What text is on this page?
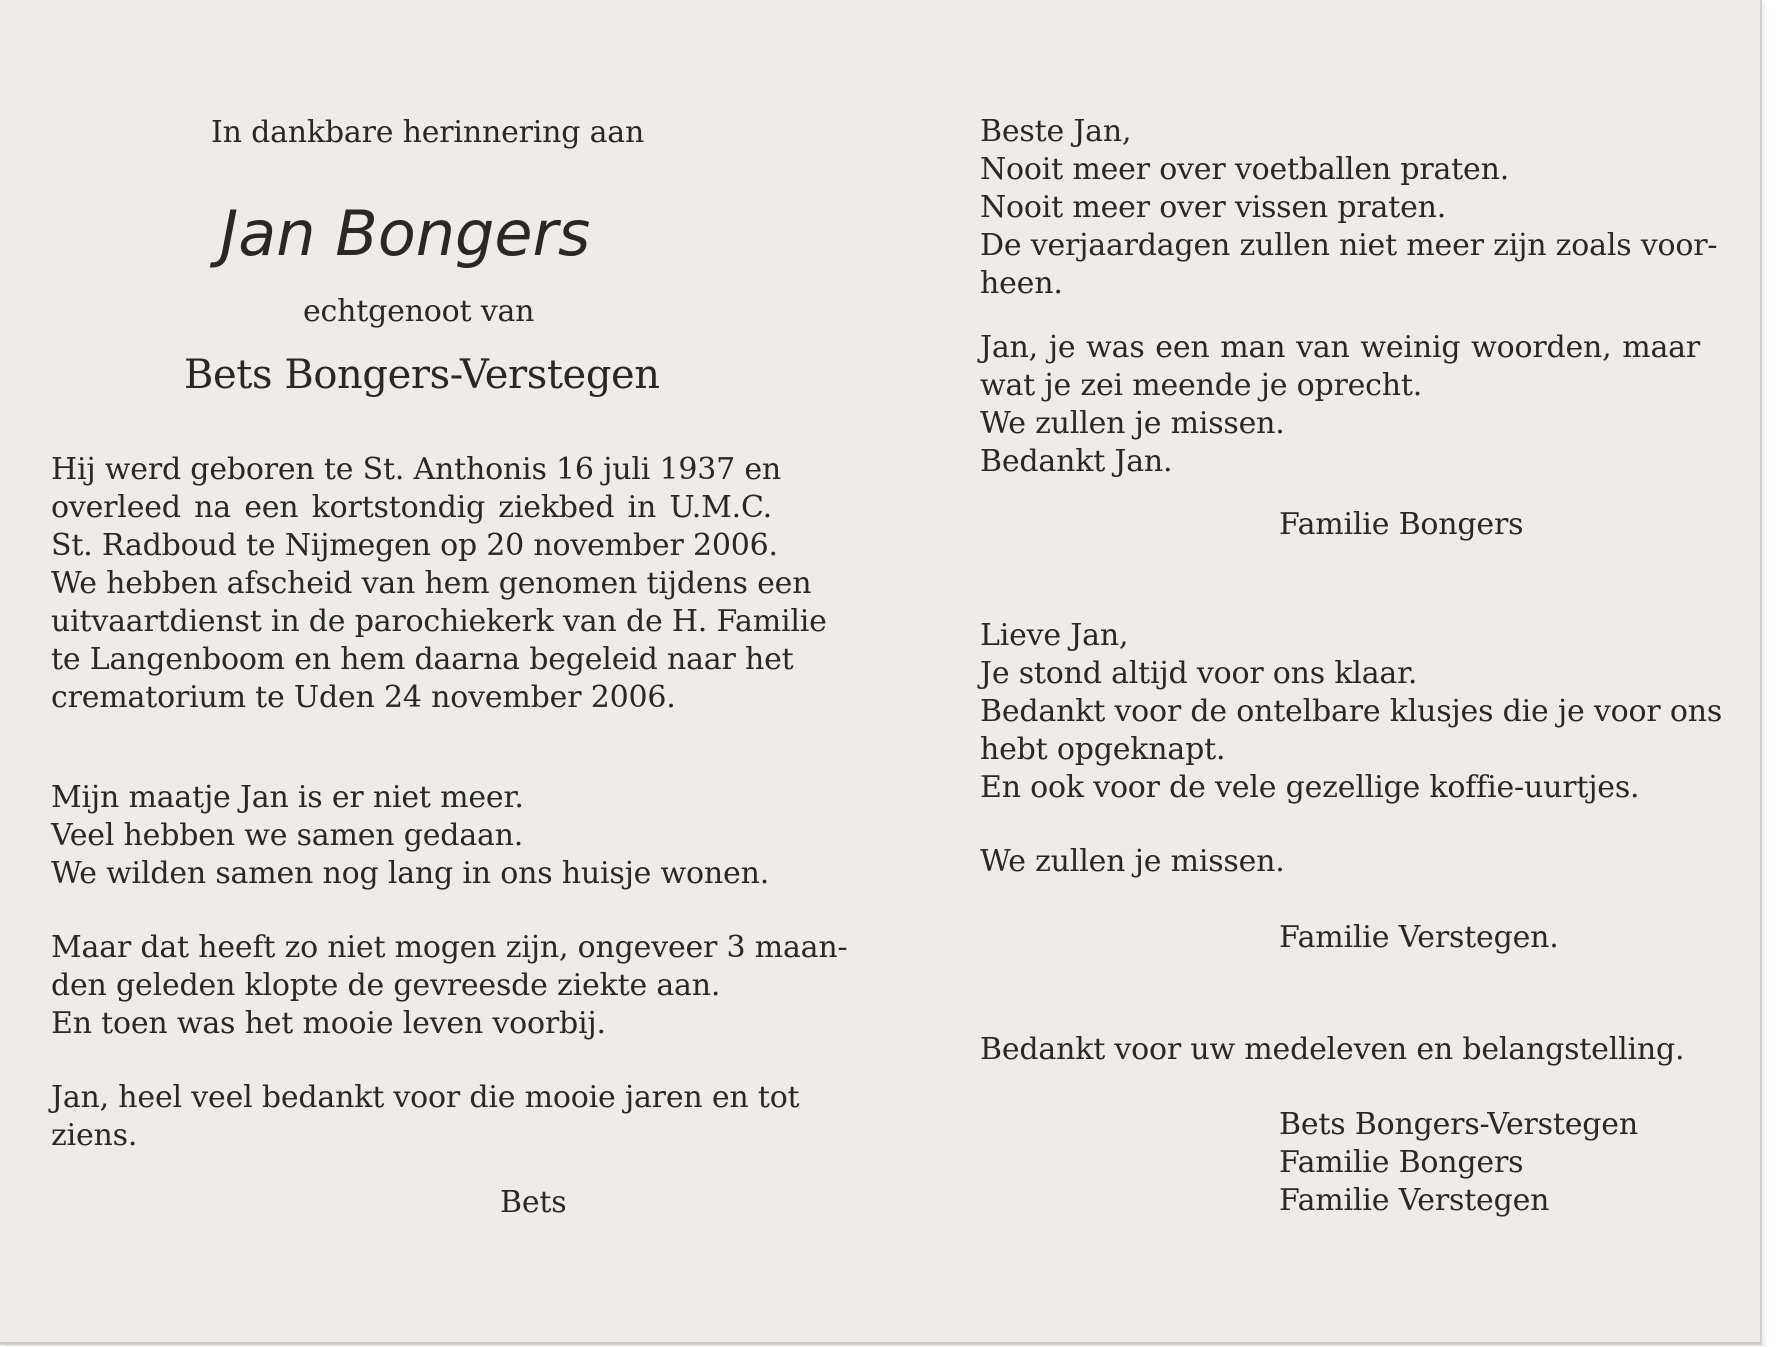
In dankbare herinnering aan
Jan Bongers
echtgenoot van
Bets Bongers-Verstegen
Hij werd geboren te St. Anthonis 16 juli 1937 en
overleed na een kortstondig ziekbed in U.M.C.
St. Radboud te Nijmegen op 20 november 2006.
We hebben afscheid van hem genomen tijdens een
uitvaartdienst in de parochiekerk van de H. Familie
te Langenboom en hem daarna begeleid naar het
crematorium te Uden 24 november 2006.
Mijn maatje Jan is er niet meer.
Veel hebben we samen gedaan.
We wilden samen nog lang in ons huisje wonen.
Maar dat heeft zo niet mogen zijn, ongeveer 3 maan-
den geleden klopte de gevreesde ziekte aan.
En toen was het mooie leven voorbij.
Jan, heel veel bedankt voor die mooie jaren en tot
ziens.
Bets
Beste Jan,
Nooit meer over voetballen praten.
Nooit meer over vissen praten.
De verjaardagen zullen niet meer zijn zoals voor-
heen.
Jan, je was een man van weinig woorden, maar
wat je zei meende je oprecht.
We zullen je missen.
Bedankt Jan.
Familie Bongers
Lieve Jan,
Je stond altijd voor ons klaar.
Bedankt voor de ontelbare klusjes die je voor ons
hebt opgeknapt.
En ook voor de vele gezellige koffie-uurtjes.
We zullen je missen.
Familie Verstegen.
Bedankt voor uw medeleven en belangstelling.
Bets Bongers-Verstegen
Familie Bongers
Familie Verstegen
